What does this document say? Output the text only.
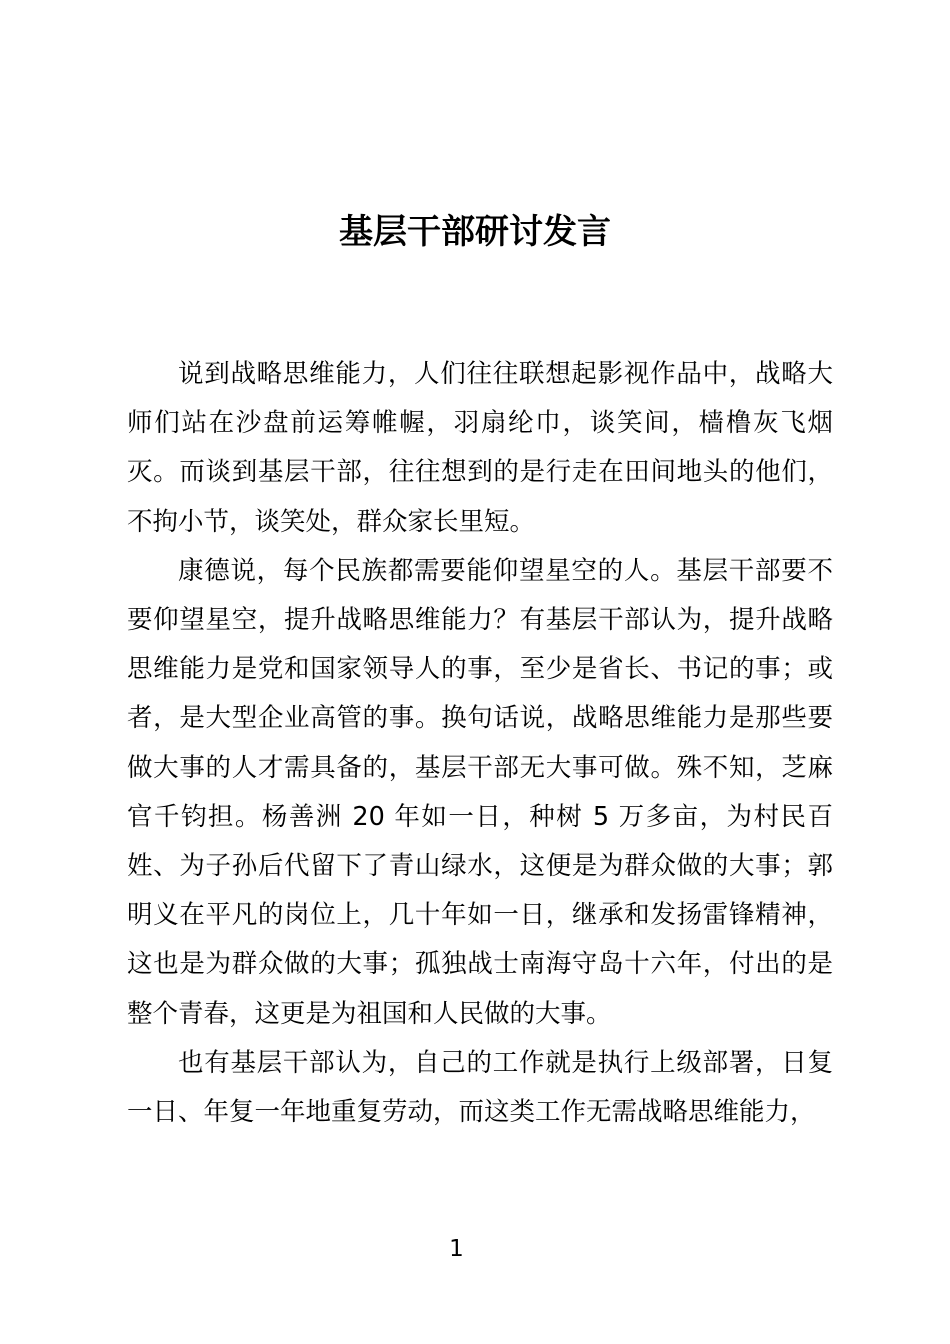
基层干部研讨发言

说到战略思维能力，人们往往联想起影视作品中，战略大师们站在沙盘前运筹帷幄，羽扇纶巾，谈笑间，樯橹灰飞烟灭。而谈到基层干部，往往想到的是行走在田间地头的他们，不拘小节，谈笑处，群众家长里短。

康德说，每个民族都需要能仰望星空的人。基层干部要不要仰望星空，提升战略思维能力？有基层干部认为，提升战略思维能力是党和国家领导人的事，至少是省长、书记的事；或者，是大型企业高管的事。换句话说，战略思维能力是那些要做大事的人才需具备的，基层干部无大事可做。殊不知，芝麻官千钧担。杨善洲 20 年如一日，种树 5 万多亩，为村民百姓、为子孙后代留下了青山绿水，这便是为群众做的大事；郭明义在平凡的岗位上，几十年如一日，继承和发扬雷锋精神，这也是为群众做的大事；孤独战士南海守岛十六年，付出的是整个青春，这更是为祖国和人民做的大事。

也有基层干部认为，自己的工作就是执行上级部署，日复一日、年复一年地重复劳动，而这类工作无需战略思维能力，

1
